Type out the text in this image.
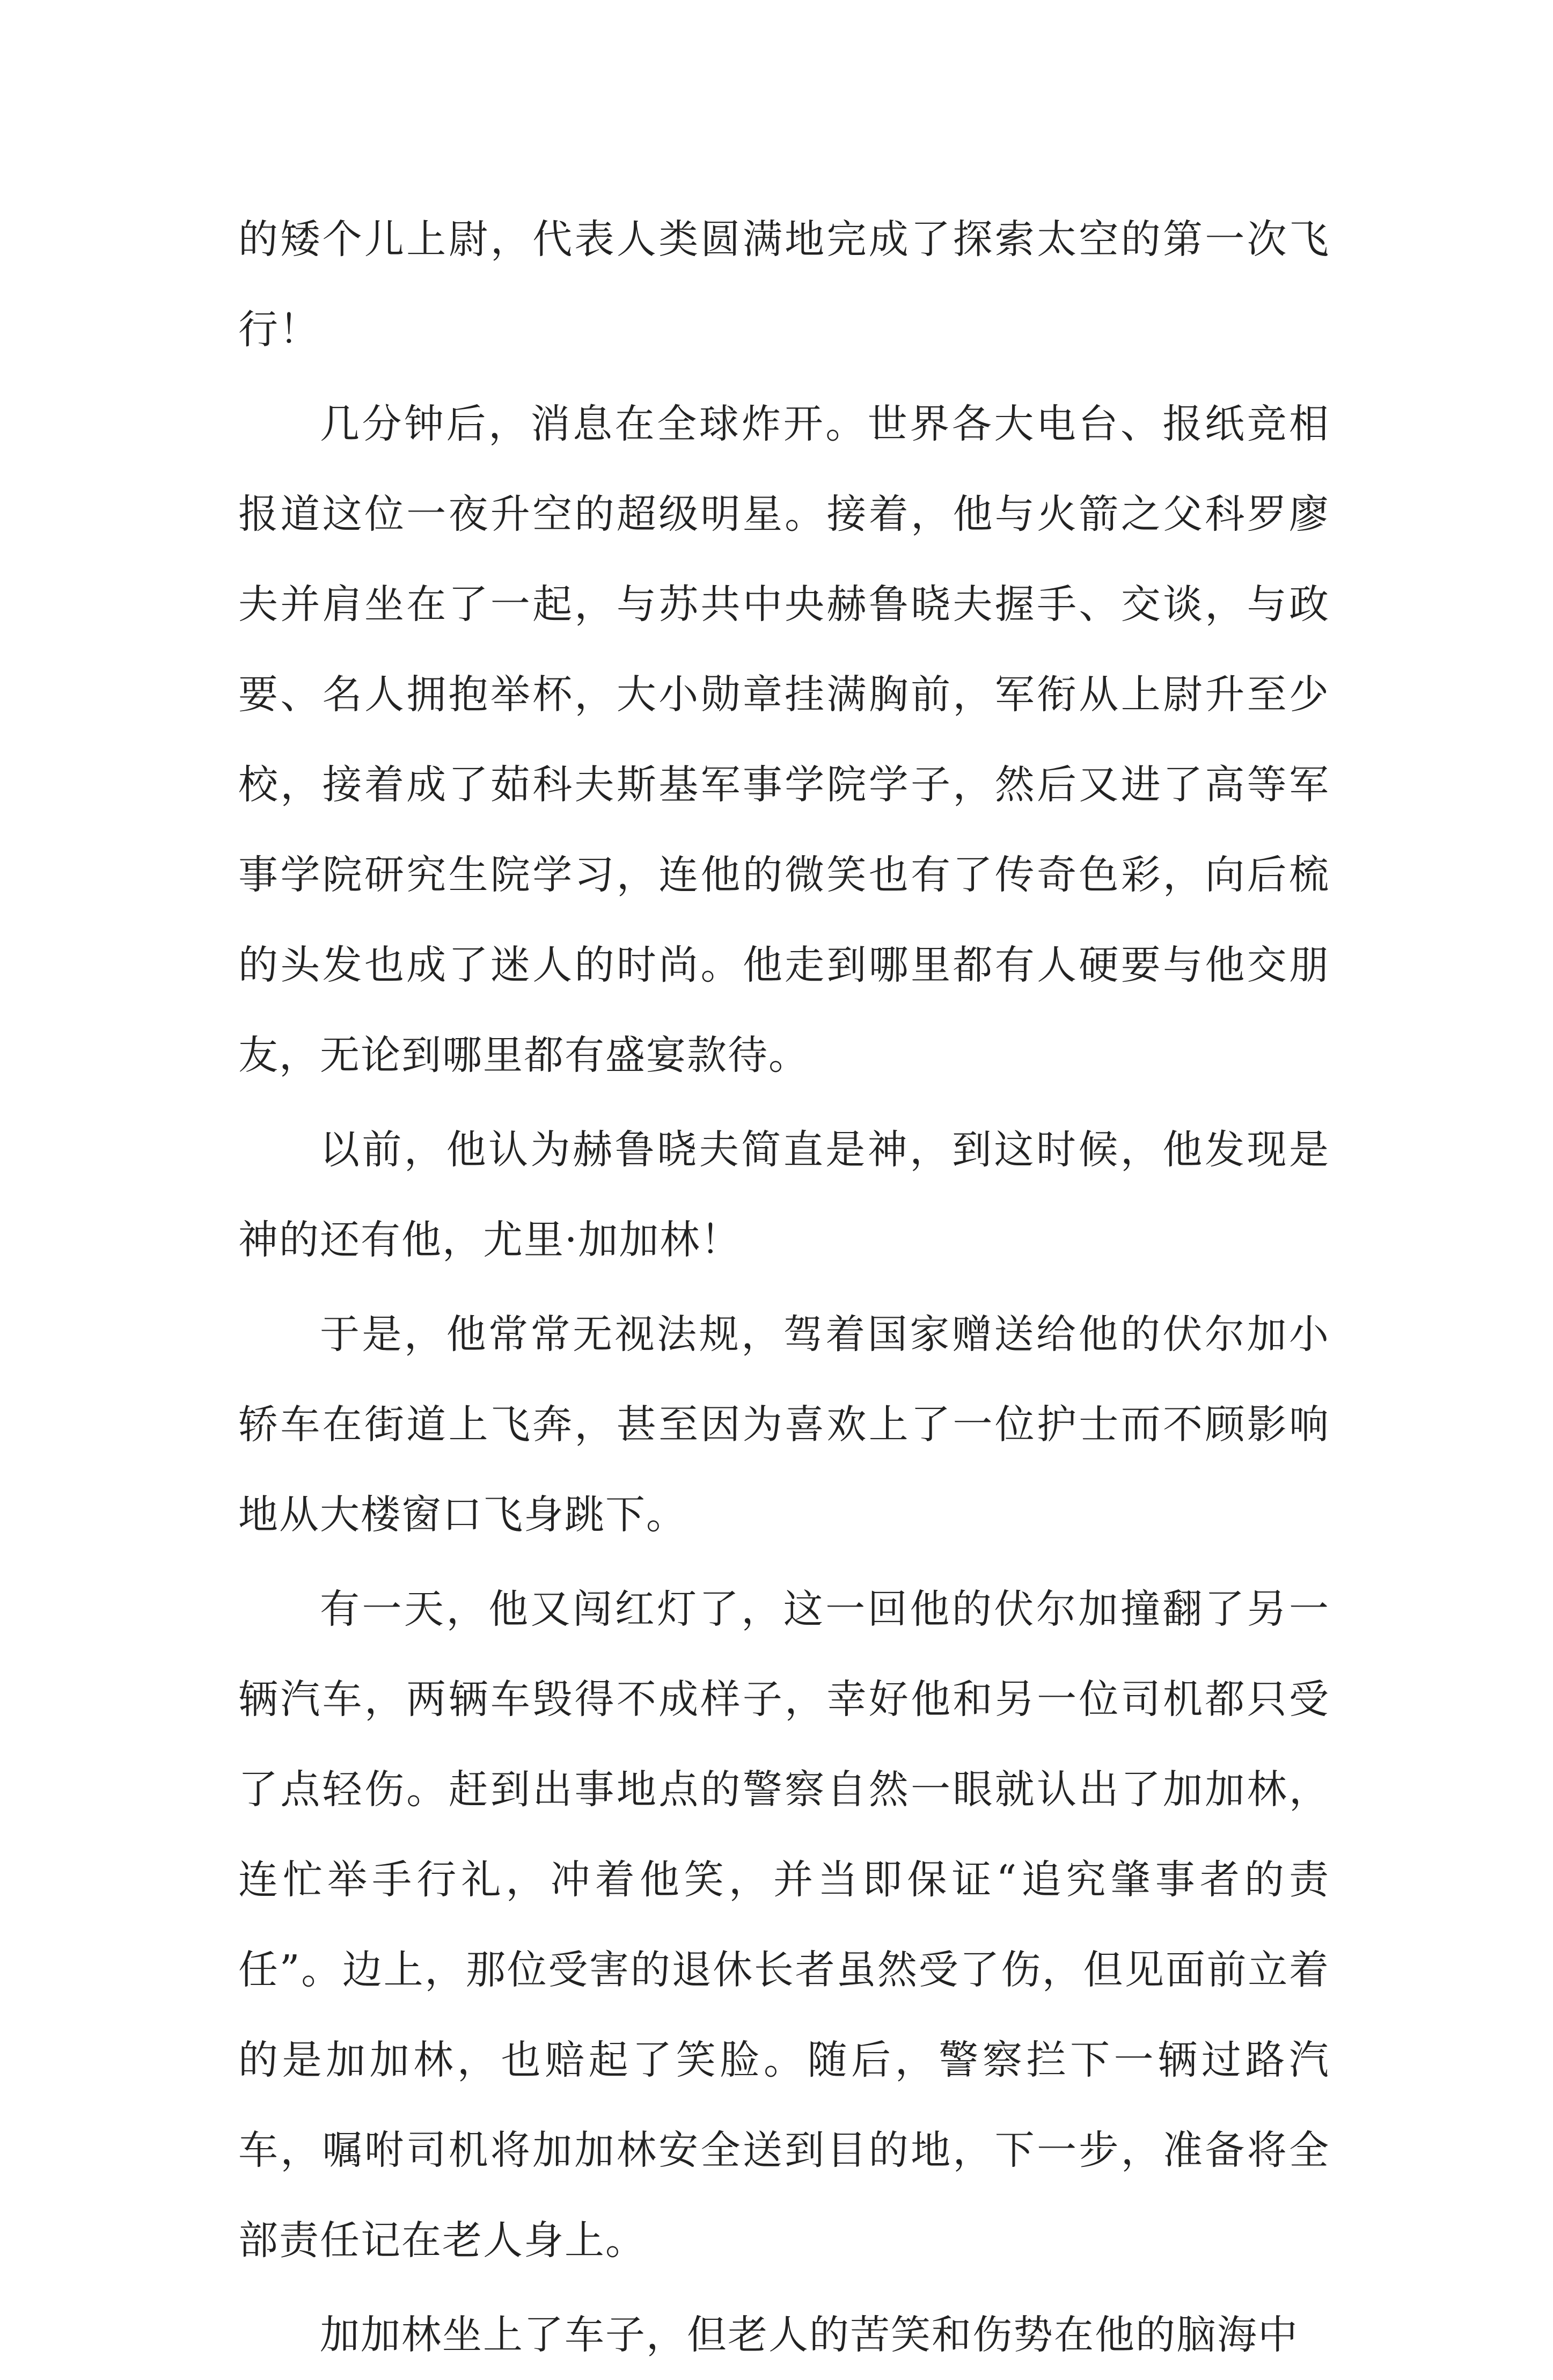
的矮个儿上尉，代表人类圆满地完成了探索太空的第一次飞行！

几分钟后，消息在全球炸开。世界各大电台、报纸竞相报道这位一夜升空的超级明星。接着，他与火箭之父科罗廖夫并肩坐在了一起，与苏共中央赫鲁晓夫握手、交谈，与政要、名人拥抱举杯，大小勋章挂满胸前，军衔从上尉升至少校，接着成了茹科夫斯基军事学院学子，然后又进了高等军事学院研究生院学习，连他的微笑也有了传奇色彩，向后梳的头发也成了迷人的时尚。他走到哪里都有人硬要与他交朋友，无论到哪里都有盛宴款待。

以前，他认为赫鲁晓夫简直是神，到这时候，他发现是神的还有他，尤里·加加林！

于是，他常常无视法规，驾着国家赠送给他的伏尔加小轿车在街道上飞奔，甚至因为喜欢上了一位护士而不顾影响地从大楼窗口飞身跳下。

有一天，他又闯红灯了，这一回他的伏尔加撞翻了另一辆汽车，两辆车毁得不成样子，幸好他和另一位司机都只受了点轻伤。赶到出事地点的警察自然一眼就认出了加加林，连忙举手行礼，冲着他笑，并当即保证“追究肇事者的责任”。边上，那位受害的退休长者虽然受了伤，但见面前立着的是加加林，也赔起了笑脸。随后，警察拦下一辆过路汽车，嘱咐司机将加加林安全送到目的地，下一步，准备将全部责任记在老人身上。

加加林坐上了车子，但老人的苦笑和伤势在他的脑海中
